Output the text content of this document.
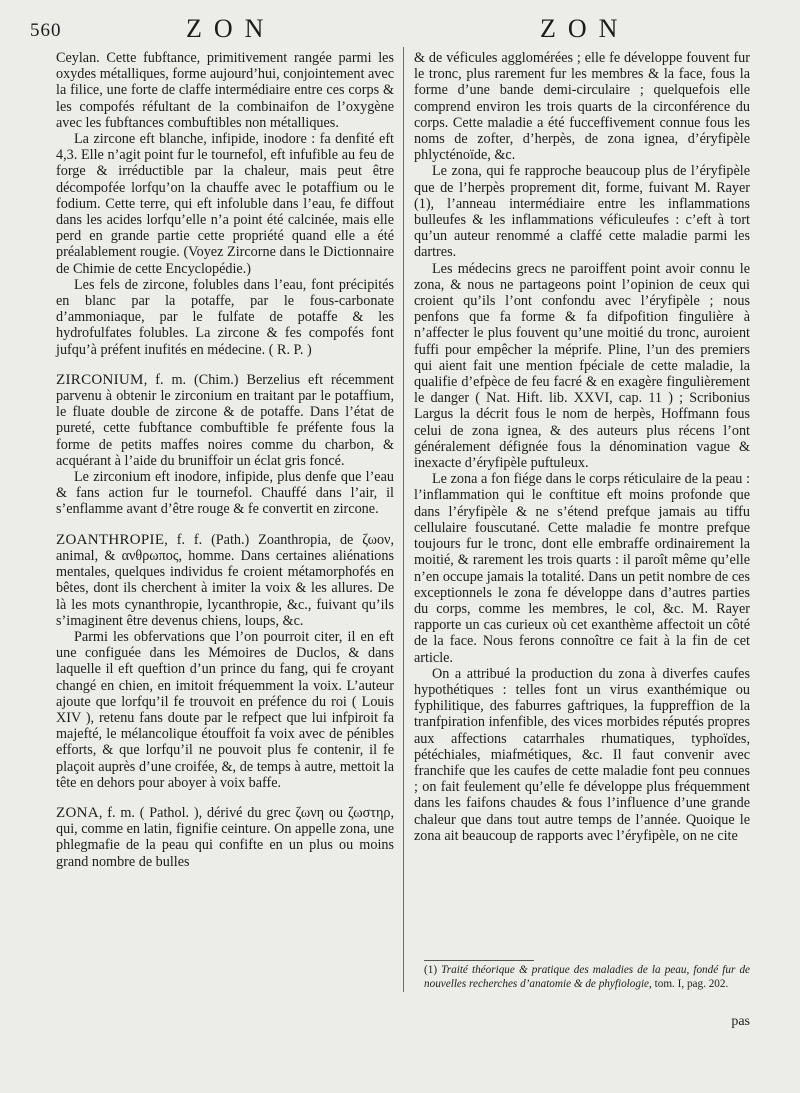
560	ZON	ZON

Ceylan. Cette fubftance, primitivement rangée parmi les oxydes métalliques, forme aujourd’hui, conjointement avec la filice, une forte de claffe intermédiaire entre ces corps & les compofés réfultant de la combinaifon de l’oxygène avec les fubftances combuftibles non métalliques.

La zircone eft blanche, infipide, inodore : fa denfité eft 4,3. Elle n’agit point fur le tournefol, eft infufible au feu de forge & irréductible par la chaleur, mais peut être décompofée lorfqu’on la chauffe avec le potaffium ou le fodium. Cette terre, qui eft infoluble dans l’eau, fe diffout dans les acides lorfqu’elle n’a point été calcinée, mais elle perd en grande partie cette propriété quand elle a été préalablement rougie. (Voyez Zircorne dans le Dictionnaire de Chimie de cette Encyclopédie.)

Les fels de zircone, folubles dans l’eau, font précipités en blanc par la potaffe, par le fous-carbonate d’ammoniaque, par le fulfate de potaffe & les hydrofulfates folubles. La zircone & fes compofés font jufqu’à préfent inufités en médecine. ( R. P. )

ZIRCONIUM, f. m. (Chim.) Berzelius eft récemment parvenu à obtenir le zirconium en traitant par le potaffium, le fluate double de zircone & de potaffe. Dans l’état de pureté, cette fubftance combuftible fe préfente fous la forme de petits maffes noires comme du charbon, & acquérant à l’aide du bruniffoir un éclat gris foncé.

Le zirconium eft inodore, infipide, plus denfe que l’eau & fans action fur le tournefol. Chauffé dans l’air, il s’enflamme avant d’être rouge & fe convertit en zircone.

ZOANTHROPIE, f. f. (Path.) Zoanthropia, de ζωον, animal, & ανθρωπος, homme. Dans certaines aliénations mentales, quelques individus fe croient métamorphofés en bêtes, dont ils cherchent à imiter la voix & les allures. De là les mots cynanthropie, lycanthropie, &c., fuivant qu’ils s’imaginent être devenus chiens, loups, &c.

Parmi les obfervations que l’on pourroit citer, il en eft une configuée dans les Mémoires de Duclos, & dans laquelle il eft queftion d’un prince du fang, qui fe croyant changé en chien, en imitoit fréquemment la voix. L’auteur ajoute que lorfqu’il fe trouvoit en préfence du roi ( Louis XIV ), retenu fans doute par le refpect que lui infpiroit fa majefté, le mélancolique étouffoit fa voix avec de pénibles efforts, & que lorfqu’il ne pouvoit plus fe contenir, il fe plaçoit auprès d’une croifée, &, de temps à autre, mettoit la tête en dehors pour aboyer à voix baffe.

ZONA, f. m. ( Pathol. ), dérivé du grec ζωνη ou ζωστηρ, qui, comme en latin, fignifie ceinture. On appelle zona, une phlegmafie de la peau qui confifte en un plus ou moins grand nombre de bulles

& de véficules agglomérées ; elle fe développe fouvent fur le tronc, plus rarement fur les membres & la face, fous la forme d’une bande demi-circulaire ; quelquefois elle comprend environ les trois quarts de la circonférence du corps. Cette maladie a été fucceffivement connue fous les noms de zofter, d’herpès, de zona ignea, d’éryfipèle phlycténoïde, &c.

Le zona, qui fe rapproche beaucoup plus de l’éryfipèle que de l’herpès proprement dit, forme, fuivant M. Rayer (1), l’anneau intermédiaire entre les inflammations bulleufes & les inflammations véficuleufes : c’eft à tort qu’un auteur renommé a claffé cette maladie parmi les dartres.

Les médecins grecs ne paroiffent point avoir connu le zona, & nous ne partageons point l’opinion de ceux qui croient qu’ils l’ont confondu avec l’éryfipèle ; nous penfons que fa forme & fa difpofition fingulière à n’affecter le plus fouvent qu’une moitié du tronc, auroient fuffi pour empêcher la méprife. Pline, l’un des premiers qui aient fait une mention fpéciale de cette maladie, la qualifie d’efpèce de feu facré & en exagère fingulièrement le danger ( Nat. Hift. lib. XXVI, cap. 11 ) ; Scribonius Largus la décrit fous le nom de herpès, Hoffmann fous celui de zona ignea, & des auteurs plus récens l’ont généralement défignée fous la dénomination vague & inexacte d’éryfipèle puftuleux.

Le zona a fon fiége dans le corps réticulaire de la peau : l’inflammation qui le conftitue eft moins profonde que dans l’éryfipèle & ne s’étend prefque jamais au tiffu cellulaire fouscutané. Cette maladie fe montre prefque toujours fur le tronc, dont elle embraffe ordinairement la moitié, & rarement les trois quarts : il paroît même qu’elle n’en occupe jamais la totalité. Dans un petit nombre de ces exceptionnels le zona fe développe dans d’autres parties du corps, comme les membres, le col, &c. M. Rayer rapporte un cas curieux où cet exanthème affectoit un côté de la face. Nous ferons connoître ce fait à la fin de cet article.

On a attribué la production du zona à diverfes caufes hypothétiques : telles font un virus exanthémique ou fyphilitique, des faburres gaftriques, la fuppreffion de la tranfpiration infenfible, des vices morbides réputés propres aux affections catarrhales rhumatiques, typhoïdes, pétéchiales, miafmétiques, &c. Il faut convenir avec franchife que les caufes de cette maladie font peu connues ; on fait feulement qu’elle fe développe plus fréquemment dans les faifons chaudes & fous l’influence d’une grande chaleur que dans tout autre temps de l’année. Quoique le zona ait beaucoup de rapports avec l’éryfipèle, on ne cite

(1) Traité théorique & pratique des maladies de la peau, fondé fur de nouvelles recherches d’anatomie & de phyfiologie, tom. I, pag. 202.
pas
